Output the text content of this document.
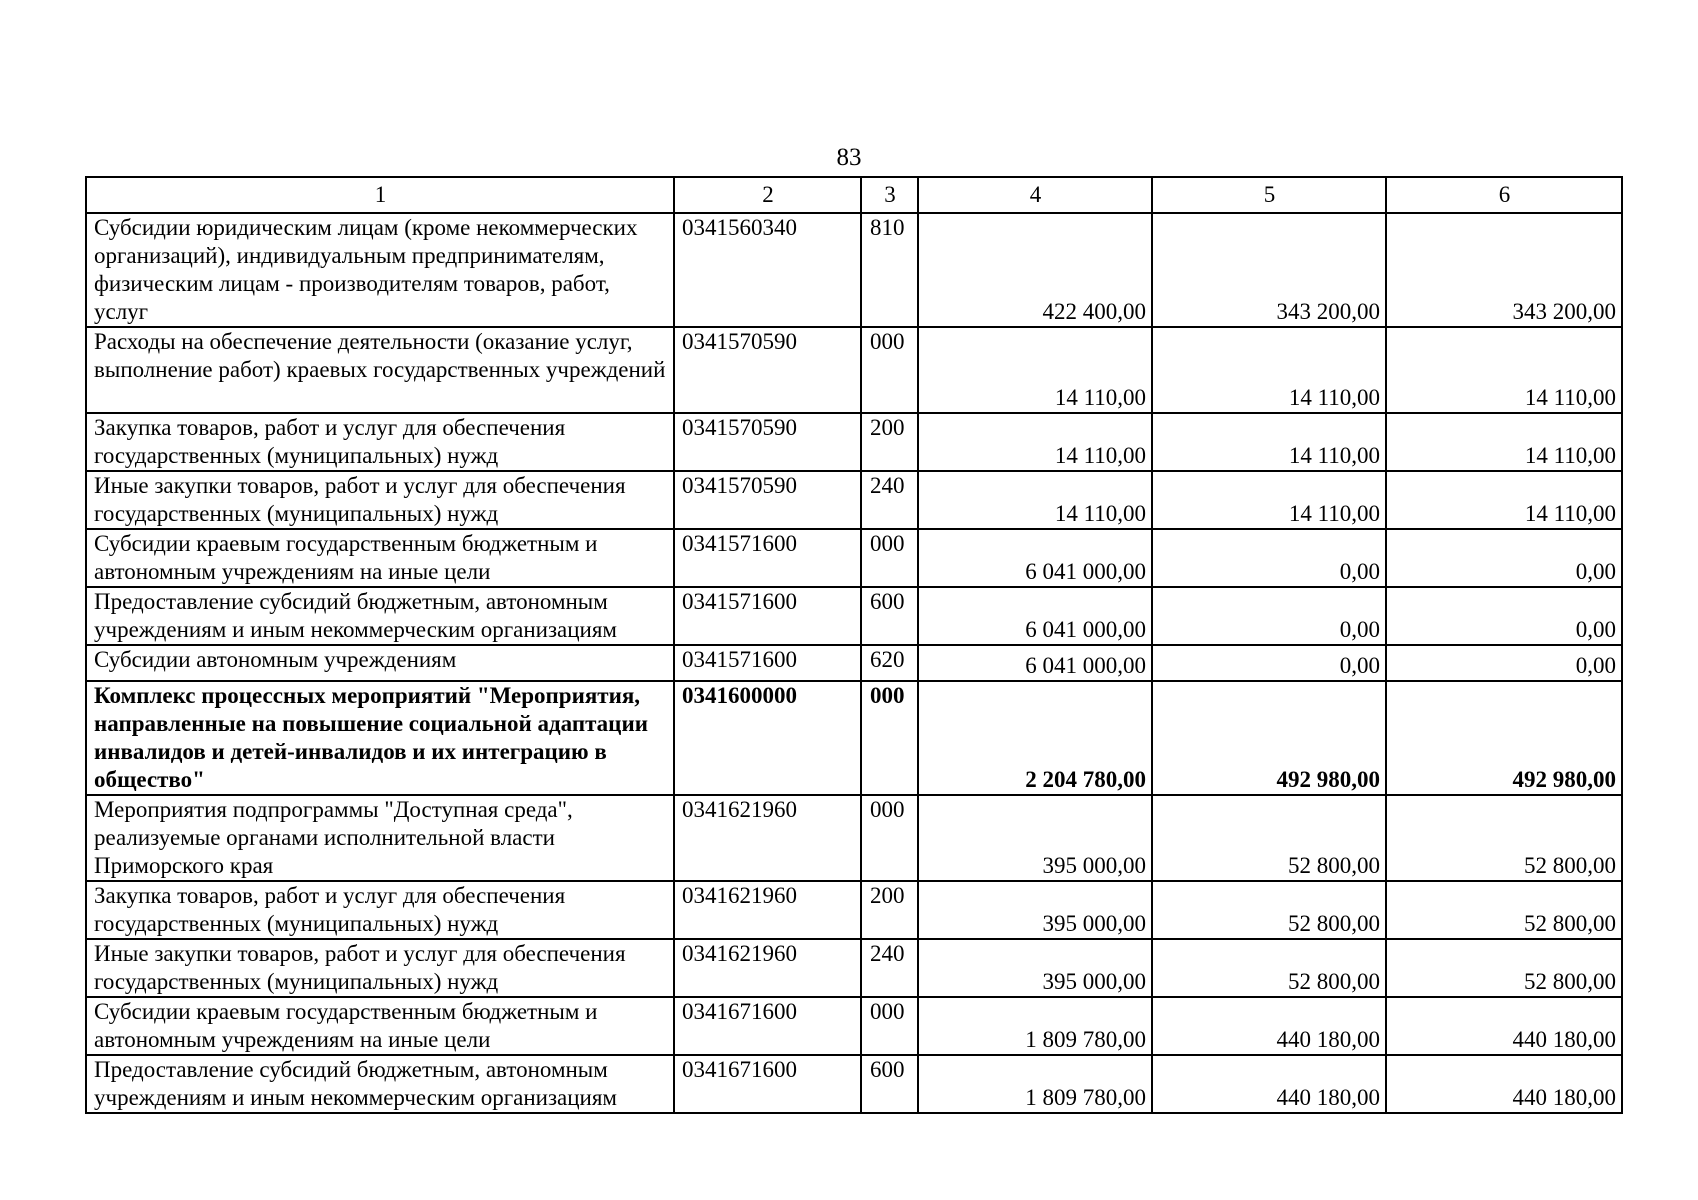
83
1	2	3	4	5	6
Субсидии юридическим лицам (кроме некоммерческих организаций), индивидуальным предпринимателям, физическим лицам - производителям товаров, работ, услуг	0341560340	810	422 400,00	343 200,00	343 200,00
Расходы на обеспечение деятельности (оказание услуг, выполнение работ) краевых государственных учреждений	0341570590	000	14 110,00	14 110,00	14 110,00
Закупка товаров, работ и услуг для обеспечения государственных (муниципальных) нужд	0341570590	200	14 110,00	14 110,00	14 110,00
Иные закупки товаров, работ и услуг для обеспечения государственных (муниципальных) нужд	0341570590	240	14 110,00	14 110,00	14 110,00
Субсидии краевым государственным бюджетным и автономным учреждениям на иные цели	0341571600	000	6 041 000,00	0,00	0,00
Предоставление субсидий бюджетным, автономным учреждениям и иным некоммерческим организациям	0341571600	600	6 041 000,00	0,00	0,00
Субсидии автономным учреждениям	0341571600	620	6 041 000,00	0,00	0,00
Комплекс процессных мероприятий "Мероприятия, направленные на повышение социальной адаптации инвалидов и детей-инвалидов и их интеграцию в общество"	0341600000	000	2 204 780,00	492 980,00	492 980,00
Мероприятия подпрограммы "Доступная среда", реализуемые органами исполнительной власти Приморского края	0341621960	000	395 000,00	52 800,00	52 800,00
Закупка товаров, работ и услуг для обеспечения государственных (муниципальных) нужд	0341621960	200	395 000,00	52 800,00	52 800,00
Иные закупки товаров, работ и услуг для обеспечения государственных (муниципальных) нужд	0341621960	240	395 000,00	52 800,00	52 800,00
Субсидии краевым государственным бюджетным и автономным учреждениям на иные цели	0341671600	000	1 809 780,00	440 180,00	440 180,00
Предоставление субсидий бюджетным, автономным учреждениям и иным некоммерческим организациям	0341671600	600	1 809 780,00	440 180,00	440 180,00
